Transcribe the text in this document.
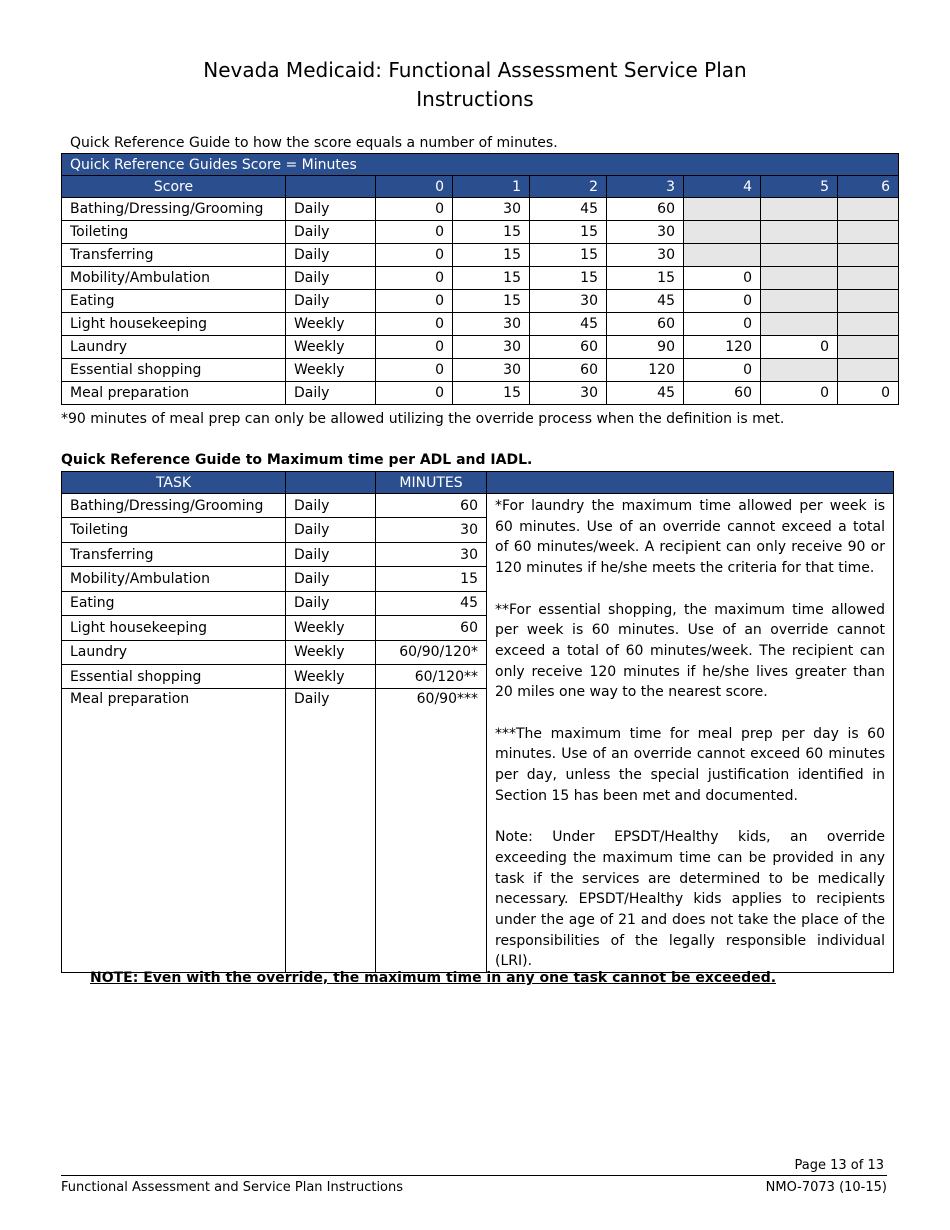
Nevada Medicaid: Functional Assessment Service Plan
Instructions
Quick Reference Guide to how the score equals a number of minutes.
Quick Reference Guides Score = Minutes								
Score		0	1	2	3	4	5	6
Bathing/Dressing/Grooming	Daily	0	30	45	60			
Toileting	Daily	0	15	15	30			
Transferring	Daily	0	15	15	30			
Mobility/Ambulation	Daily	0	15	15	15	0		
Eating	Daily	0	15	30	45	0		
Light housekeeping	Weekly	0	30	45	60	0		
Laundry	Weekly	0	30	60	90	120	0	
Essential shopping	Weekly	0	30	60	120	0		
Meal preparation	Daily	0	15	30	45	60	0	0
*90 minutes of meal prep can only be allowed utilizing the override process when the definition is met.
Quick Reference Guide to Maximum time per ADL and IADL.
TASK		MINUTES	
Bathing/Dressing/Grooming	Daily	60	*For laundry the maximum time allowed per week is 60 minutes. Use of an override cannot exceed a total of 60 minutes/week. A recipient can only receive 90 or 120 minutes if he/she meets the criteria for that time.

**For essential shopping, the maximum time allowed per week is 60 minutes. Use of an override cannot exceed a total of 60 minutes/week. The recipient can only receive 120 minutes if he/she lives greater than 20 miles one way to the nearest score.

***The maximum time for meal prep per day is 60 minutes. Use of an override cannot exceed 60 minutes per day, unless the special justification identified in Section 15 has been met and documented.

Note: Under EPSDT/Healthy kids, an override exceeding the maximum time can be provided in any task if the services are determined to be medically necessary. EPSDT/Healthy kids applies to recipients under the age of 21 and does not take the place of the responsibilities of the legally responsible individual (LRI).

Toileting	Daily	30	
Transferring	Daily	30	
Mobility/Ambulation	Daily	15	
Eating	Daily	45	
Light housekeeping	Weekly	60	
Laundry	Weekly	60/90/120*	
Essential shopping	Weekly	60/120**	
Meal preparation	Daily	60/90***	
NOTE: Even with the override, the maximum time in any one task cannot be exceeded.
Page 13 of 13
Functional Assessment and Service Plan Instructions	NMO-7073 (10-15)
